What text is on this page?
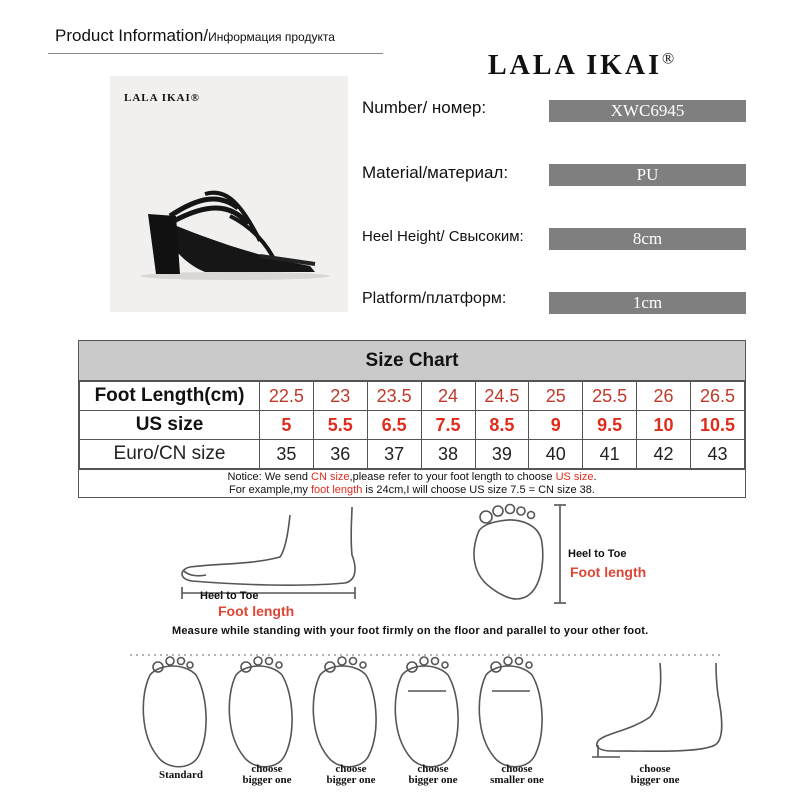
Product Information/Информация продукта
LALA IKAI®
LALA IKAI®	Number/ номер:	XWC6945
Material/материал:	PU
Heel Height/ Свысоким:	8cm
Platform/платформ:	1cm
Size Chart
Foot Length(cm)	22.5	23	23.5	24	24.5	25	25.5	26	26.5
US size	5	5.5	6.5	7.5	8.5	9	9.5	10	10.5
Euro/CN size	35	36	37	38	39	40	41	42	43
Notice: We send CN size,please refer to your foot length to choose US size.
For example,my foot length is 24cm,I will choose US size 7.5 = CN size 38.
Heel to Toe
Foot length
Heel to Toe
Foot length
Measure while standing with your foot firmly on the floor and parallel to your other foot.
Standard	choose
bigger one
choose
bigger one
choose
bigger one
choose
smaller one
choose
bigger one
